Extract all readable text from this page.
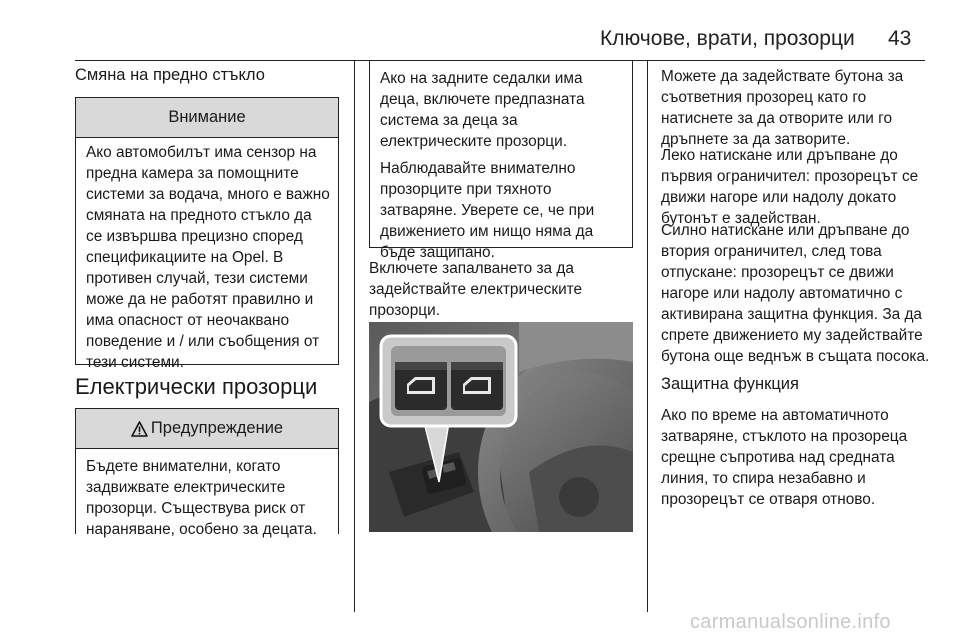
Ключове, врати, прозорци 43
Смяна на предно стъкло
Внимание
Ако автомобилът има сензор на предна камера за помощните системи за водача, много е важно смяната на предното стъкло да се извършва прецизно според спецификациите на Opel. В противен случай, тези системи може да не работят правилно и има опасност от неочаквано поведение и / или съобщения от тези системи.
Електрически прозорци
Предупреждение
Бъдете внимателни, когато задвижвате електрическите прозорци. Съществува риск от нараняване, особено за децата.
Ако на задните седалки има деца, включете предпазната система за деца за електрическите прозорци.
Наблюдавайте внимателно прозорците при тяхното затваряне. Уверете се, че при движението им нищо няма да бъде защипано.
Включете запалването за да задействайте електрическите прозорци.
Можете да задействате бутона за съответния прозорец като го натиснете за да отворите или го дръпнете за да затворите.
Леко натискане или дръпване до първия ограничител: прозорецът се движи нагоре или надолу докато бутонът е задействан.
Силно натискане или дръпване до втория ограничител, след това отпускане: прозорецът се движи нагоре или надолу автоматично с активирана защитна функция. За да спрете движението му задействайте бутона още веднъж в същата посока.
Защитна функция
Ако по време на автоматичното затваряне, стъклото на прозореца срещне съпротива над средната линия, то спира незабавно и прозорецът се отваря отново.
carmanualsonline.info
